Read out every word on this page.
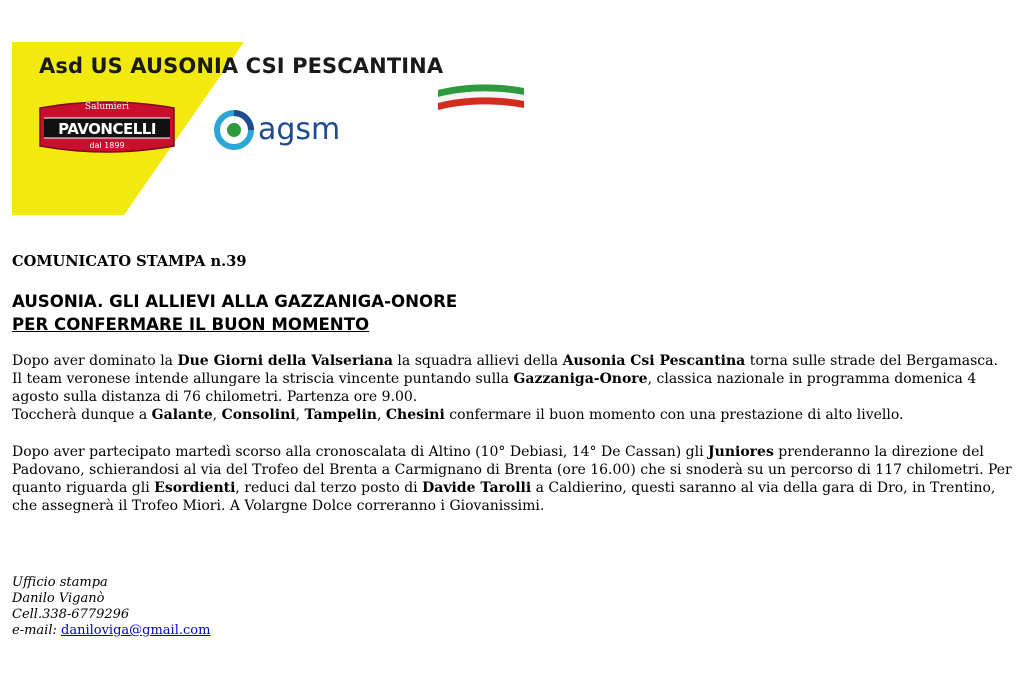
Asd US AUSONIA CSI PESCANTINA
Salumieri
PAVONCELLI
dal 1899	agsm
COMUNICATO STAMPA n.39
AUSONIA. GLI ALLIEVI ALLA GAZZANIGA-ONORE
PER CONFERMARE IL BUON MOMENTO
Dopo aver dominato la Due Giorni della Valseriana la squadra allievi della Ausonia Csi Pescantina torna sulle strade del Bergamasca.
Il team veronese intende allungare la striscia vincente puntando sulla Gazzaniga-Onore, classica nazionale in programma domenica 4 agosto sulla distanza di 76 chilometri. Partenza ore 9.00.
Toccherà dunque a Galante, Consolini, Tampelin, Chesini confermare il buon momento con una prestazione di alto livello.
Dopo aver partecipato martedì scorso alla cronoscalata di Altino (10° Debiasi, 14° De Cassan) gli Juniores prenderanno la direzione del Padovano, schierandosi al via del Trofeo del Brenta a Carmignano di Brenta (ore 16.00) che si snoderà su un percorso di 117 chilometri. Per quanto riguarda gli Esordienti, reduci dal terzo posto di Davide Tarolli a Caldierino, questi saranno al via della gara di Dro, in Trentino, che assegnerà il Trofeo Miori. A Volargne Dolce correranno i Giovanissimi.
Ufficio stampa
Danilo Viganò
Cell.338-6779296
e-mail: daniloviga@gmail.com
